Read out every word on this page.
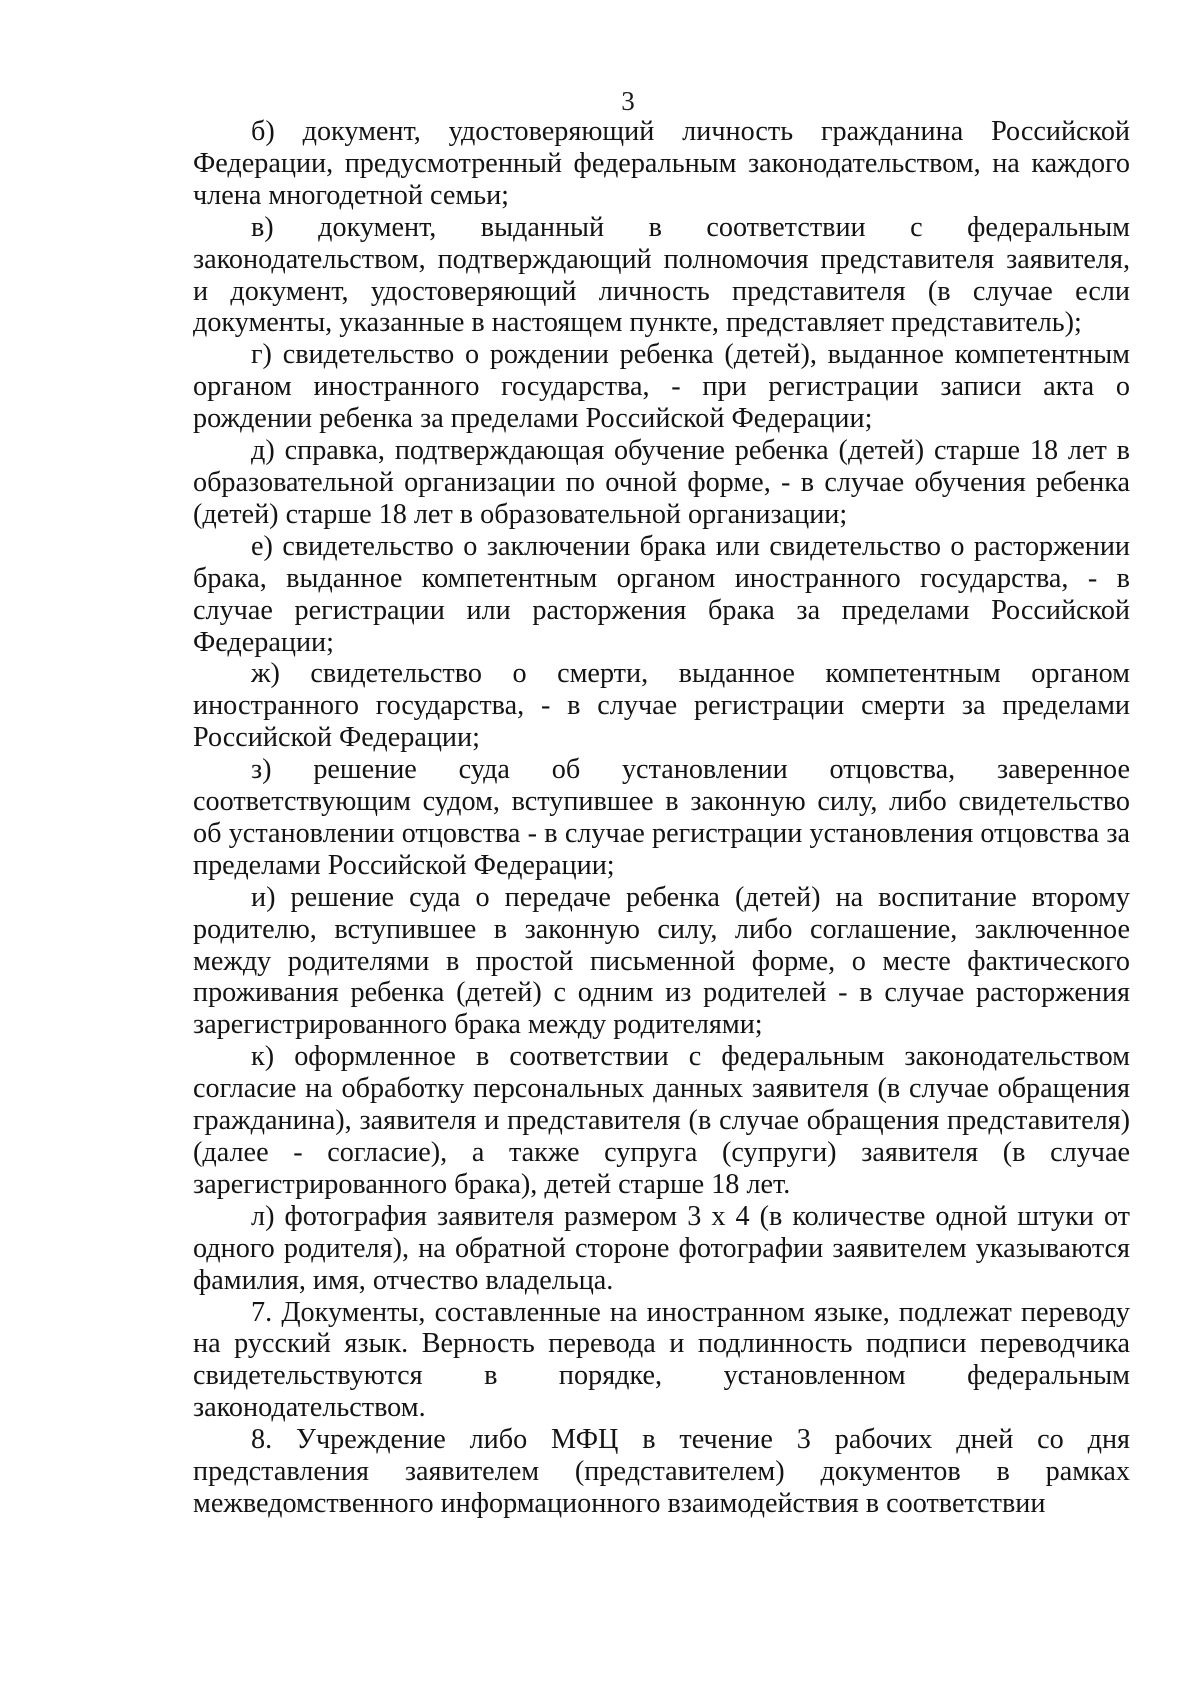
3

б) документ, удостоверяющий личность гражданина Российской Федерации, предусмотренный федеральным законодательством, на каждого члена многодетной семьи;

в) документ, выданный в соответствии с федеральным законодательством, подтверждающий полномочия представителя заявителя, и документ, удостоверяющий личность представителя (в случае если документы, указанные в настоящем пункте, представляет представитель);

г) свидетельство о рождении ребенка (детей), выданное компетентным органом иностранного государства, - при регистрации записи акта о рождении ребенка за пределами Российской Федерации;

д) справка, подтверждающая обучение ребенка (детей) старше 18 лет в образовательной организации по очной форме, - в случае обучения ребенка (детей) старше 18 лет в образовательной организации;

е) свидетельство о заключении брака или свидетельство о расторжении брака, выданное компетентным органом иностранного государства, - в случае регистрации или расторжения брака за пределами Российской Федерации;

ж) свидетельство о смерти, выданное компетентным органом иностранного государства, - в случае регистрации смерти за пределами Российской Федерации;

з) решение суда об установлении отцовства, заверенное соответствующим судом, вступившее в законную силу, либо свидетельство об установлении отцовства - в случае регистрации установления отцовства за пределами Российской Федерации;

и) решение суда о передаче ребенка (детей) на воспитание второму родителю, вступившее в законную силу, либо соглашение, заключенное между родителями в простой письменной форме, о месте фактического проживания ребенка (детей) с одним из родителей - в случае расторжения зарегистрированного брака между родителями;

к) оформленное в соответствии с федеральным законодательством согласие на обработку персональных данных заявителя (в случае обращения гражданина), заявителя и представителя (в случае обращения представителя) (далее - согласие), а также супруга (супруги) заявителя (в случае зарегистрированного брака), детей старше 18 лет.

л) фотография заявителя размером 3 x 4 (в количестве одной штуки от одного родителя), на обратной стороне фотографии заявителем указываются фамилия, имя, отчество владельца.

7. Документы, составленные на иностранном языке, подлежат переводу на русский язык. Верность перевода и подлинность подписи переводчика свидетельствуются в порядке, установленном федеральным законодательством.

8. Учреждение либо МФЦ в течение 3 рабочих дней со дня представления заявителем (представителем) документов в рамках межведомственного информационного взаимодействия в соответствии
